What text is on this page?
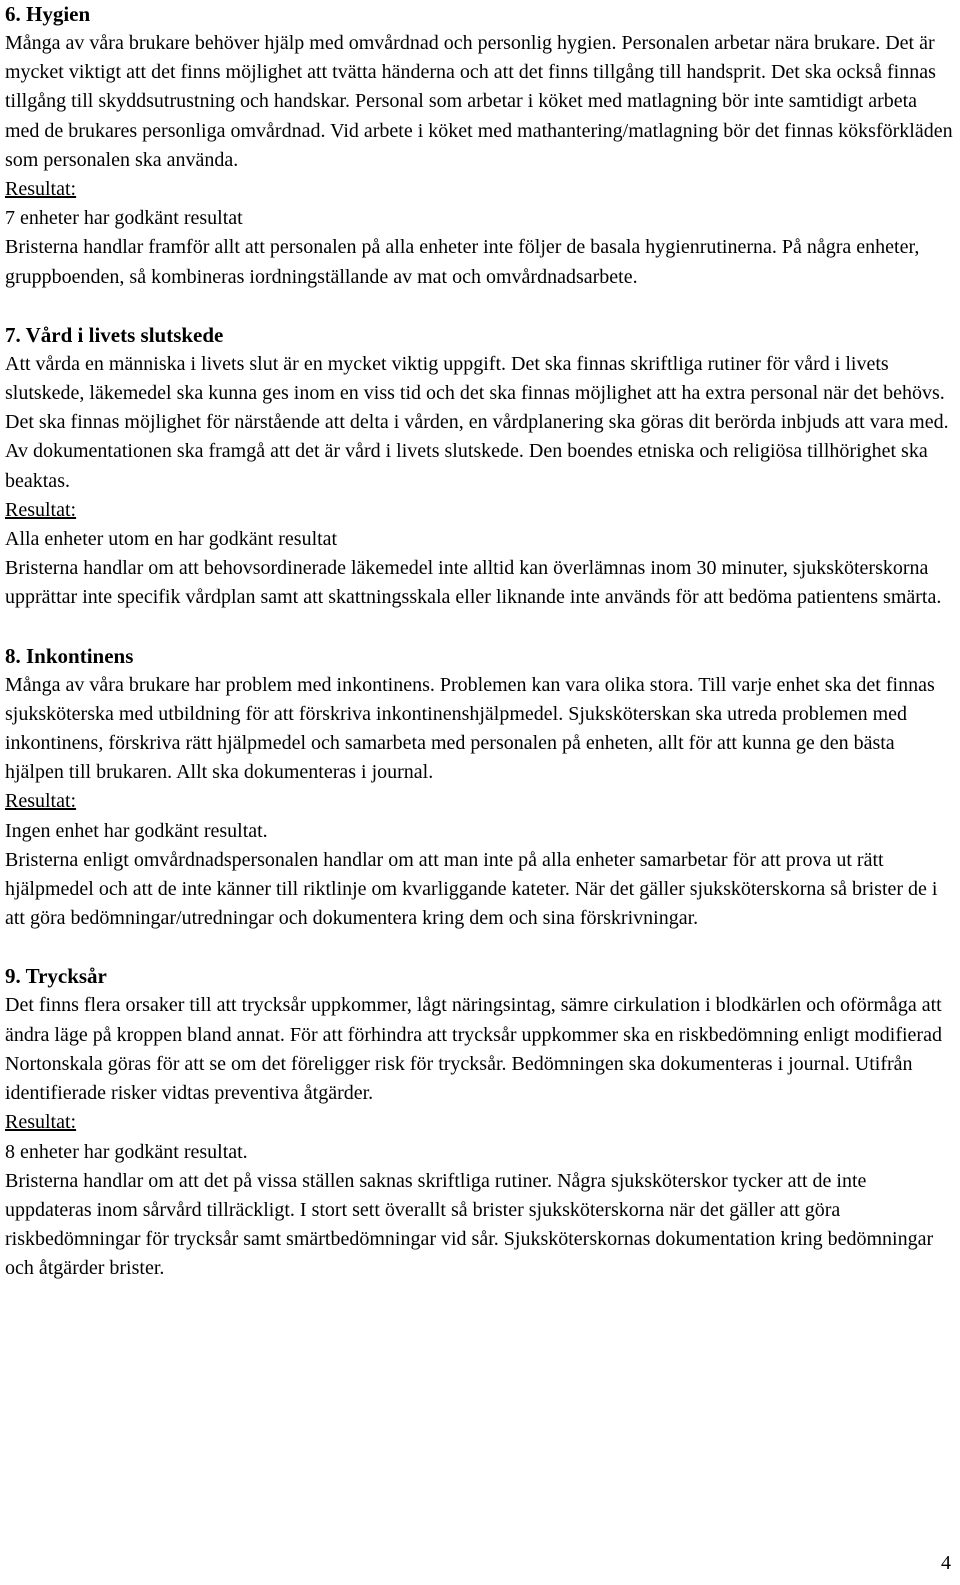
6. Hygien

Många av våra brukare behöver hjälp med omvårdnad och personlig hygien. Personalen arbetar nära brukare. Det är mycket viktigt att det finns möjlighet att tvätta händerna och att det finns tillgång till handsprit. Det ska också finnas tillgång till skyddsutrustning och handskar. Personal som arbetar i köket med matlagning bör inte samtidigt arbeta med de brukares personliga omvårdnad. Vid arbete i köket med mathantering/matlagning bör det finnas köksförkläden som personalen ska använda.

Resultat:

7 enheter har godkänt resultat

Bristerna handlar framför allt att personalen på alla enheter inte följer de basala hygienrutinerna. På några enheter, gruppboenden, så kombineras iordningställande av mat och omvårdnadsarbete.

7. Vård i livets slutskede

Att vårda en människa i livets slut är en mycket viktig uppgift. Det ska finnas skriftliga rutiner för vård i livets slutskede, läkemedel ska kunna ges inom en viss tid och det ska finnas möjlighet att ha extra personal när det behövs. Det ska finnas möjlighet för närstående att delta i vården, en vårdplanering ska göras dit berörda inbjuds att vara med. Av dokumentationen ska framgå att det är vård i livets slutskede. Den boendes etniska och religiösa tillhörighet ska beaktas.

Resultat:

Alla enheter utom en har godkänt resultat

Bristerna handlar om att behovsordinerade läkemedel inte alltid kan överlämnas inom 30 minuter, sjuksköterskorna upprättar inte specifik vårdplan samt att skattningsskala eller liknande inte används för att bedöma patientens smärta.

8. Inkontinens

Många av våra brukare har problem med inkontinens. Problemen kan vara olika stora. Till varje enhet ska det finnas sjuksköterska med utbildning för att förskriva inkontinenshjälpmedel. Sjuksköterskan ska utreda problemen med inkontinens, förskriva rätt hjälpmedel och samarbeta med personalen på enheten, allt för att kunna ge den bästa hjälpen till brukaren. Allt ska dokumenteras i journal.

Resultat:

Ingen enhet har godkänt resultat.

Bristerna enligt omvårdnadspersonalen handlar om att man inte på alla enheter samarbetar för att prova ut rätt hjälpmedel och att de inte känner till riktlinje om kvarliggande kateter. När det gäller sjuksköterskorna så brister de i att göra bedömningar/utredningar och dokumentera kring dem och sina förskrivningar.

9. Trycksår

Det finns flera orsaker till att trycksår uppkommer, lågt näringsintag, sämre cirkulation i blodkärlen och oförmåga att ändra läge på kroppen bland annat. För att förhindra att trycksår uppkommer ska en riskbedömning enligt modifierad Nortonskala göras för att se om det föreligger risk för trycksår. Bedömningen ska dokumenteras i journal. Utifrån identifierade risker vidtas preventiva åtgärder.

Resultat:

8 enheter har godkänt resultat.

Bristerna handlar om att det på vissa ställen saknas skriftliga rutiner. Några sjuksköterskor tycker att de inte uppdateras inom sårvård tillräckligt. I stort sett överallt så brister sjuksköterskorna när det gäller att göra riskbedömningar för trycksår samt smärtbedömningar vid sår. Sjuksköterskornas dokumentation kring bedömningar och åtgärder brister.

4
